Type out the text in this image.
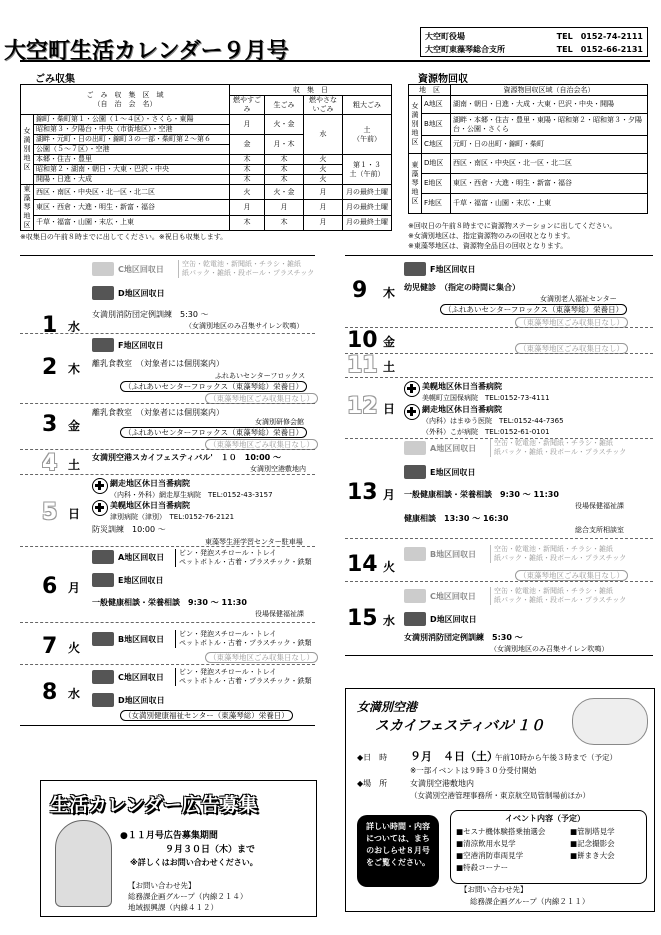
大空町生活カレンダー９月号
大空町役場	TEL　0152-74-2111
大空町東藻琴総合支所	TEL　0152-66-2131
ごみ収集
ご　み　収　集　区　域
（自　治　会　名）		収　集　日			
		燃やすごみ	生ごみ	燃やさないごみ	粗大ごみ
女満別地区	錦町・柴町第１・公園（１～４区）・さくら・東陽	月	火・金	水	土
（午前）
	昭和第３・夕陽台・中央（市街地区）・空港				
	湖畔・元町・日の出町・錦町３の一部・柴町第２～第６	金	月・木		
	公園（５～７区）・空港				
	本郷・住吉・豊里	木	木	火	第１・３
土（午前）
	昭和第２・湖南・朝日・大東・巴沢・中央	木	木	火	
	開陽・日進・大成	木	木	火	
東藻琴地区	西区・南区・中央区・北一区・北二区	火	火・金	月	月の最終土曜
	東区・西倉・大進・明生・新富・福谷	月	月	月	月の最終土曜
	千草・福富・山園・末広・上東	木	木	月	月の最終土曜
※収集日の午前８時までに出してください。※祝日も収集します。
資源物回収
地　区		資源物回収区域（自治会名）
女満別地区	A地区	湖南・朝日・日進・大成・大東・巴沢・中央・開陽
	B地区	湖畔・本郷・住吉・豊里・東陽・昭和第２・昭和第３・夕陽台・公園・さくら
	C地区	元町・日の出町・錦町・柴町
東藻琴地区	D地区	西区・南区・中央区・北一区・北二区
	E地区	東区・西倉・大進・明生・新富・福谷
	F地区	千草・福富・山園・末広・上東
※回収日の午前８時までに資源物ステーションに出してください。
※女満別地区は、指定資源物のみの回収となります。
※東藻琴地区は、資源物全品目の回収となります。
1 水
C地区回収日
空缶・乾電池・新聞紙・チラシ・雑紙
紙パック・雑紙・段ボール・プラスチック
D地区回収日
女満別消防団定例訓練　5:30 ～
（女満別地区のみ召集サイレン吹鳴）
2 木
F地区回収日
離乳食教室　（対象者には個別案内）
ふれあいセンターフロックス
（ふれあいセンターフロックス（東藻琴総）栄養日）
（東藻琴地区ごみ収集日なし）
3 金
離乳食教室　（対象者には個別案内）
女満別研修会館
（ふれあいセンターフロックス（東藻琴総）栄養日）
（東藻琴地区ごみ収集日なし）
4 土
女満別空港スカイフェスティバル'　１０　10:00 ～
女満別空港敷地内
5 日
網走地区休日当番病院
（内科・外科）網走厚生病院　TEL:0152-43-3157
美幌地区休日当番病院
津別病院（津別）　TEL:0152-76-2121
防災訓練　10:00 ～
東藻琴生涯学習センター駐車場
6 月
A地区回収日	ビン・発泡スチロール・トレイ
ペットボトル・古着・プラスチック・鉄類
E地区回収日
一般健康相談・栄養相談　9:30 ～ 11:30
役場保健福祉課
7 火
B地区回収日
ビン・発泡スチロール・トレイ
ペットボトル・古着・プラスチック・鉄類
（東藻琴地区ごみ収集日なし）
8 水
C地区回収日
ビン・発泡スチロール・トレイ
ペットボトル・古着・プラスチック・鉄類
D地区回収日
（女満別健康福祉センター（東藻琴総）栄養日）
9 木
F地区回収日
幼児健診　（指定の時間に集合）
女満別老人福祉センター
（ふれあいセンターフロックス（東藻琴総）栄養日）
（東藻琴地区ごみ収集日なし）
10 金	（東藻琴地区ごみ収集日なし）
11 土
12 日
美幌地区休日当番病院
美幌町立国保病院　TEL:0152-73-4111
網走地区休日当番病院
（内科）はまゆう医院　TEL:0152-44-7365
（外科）こが病院　TEL:0152-61-0101
13 月
A地区回収日
空缶・乾電池・新聞紙・チラシ・雑紙
紙パック・雑紙・段ボール・プラスチック
E地区回収日
一般健康相談・栄養相談　9:30 ～ 11:30
役場保健福祉課
健康相談　13:30 ～ 16:30
総合支所相談室
14 火
B地区回収日
空缶・乾電池・新聞紙・チラシ・雑紙
紙パック・雑紙・段ボール・プラスチック
（東藻琴地区ごみ収集日なし）
15 水
C地区回収日
空缶・乾電池・新聞紙・チラシ・雑紙
紙パック・雑紙・段ボール・プラスチック
D地区回収日
女満別消防団定例訓練　5:30 ～
（女満別地区のみ召集サイレン吹鳴）
生活カレンダー広告募集
●１１月号広告募集期間
９月３０日（木）まで
※詳しくはお問い合わせください。
【お問い合わせ先】
総務課企画グループ（内線２１４）
地域振興課（内線４１２）
女満別空港
スカイフェスティバル'１０
◆日　時 ９月　４日（土）
午前10時から午後３時まで（予定）
※一部イベントは９時３０分受付開始
◆場　所	女満別空港敷地内
（女満別空港管理事務所・東京航空局管制場前ほか）
詳しい時間・内容については、まちのおしらせ８月号をご覧ください。
イベント内容（予定）
■セスナ機体験搭乗抽選会	■管制塔見学
■清涼飲用水見学	■記念撮影会
■空港消防車両見学	■餅まき大会
■特殺コーナー
【お問い合わせ先】
総務課企画グループ（内線２１１）
